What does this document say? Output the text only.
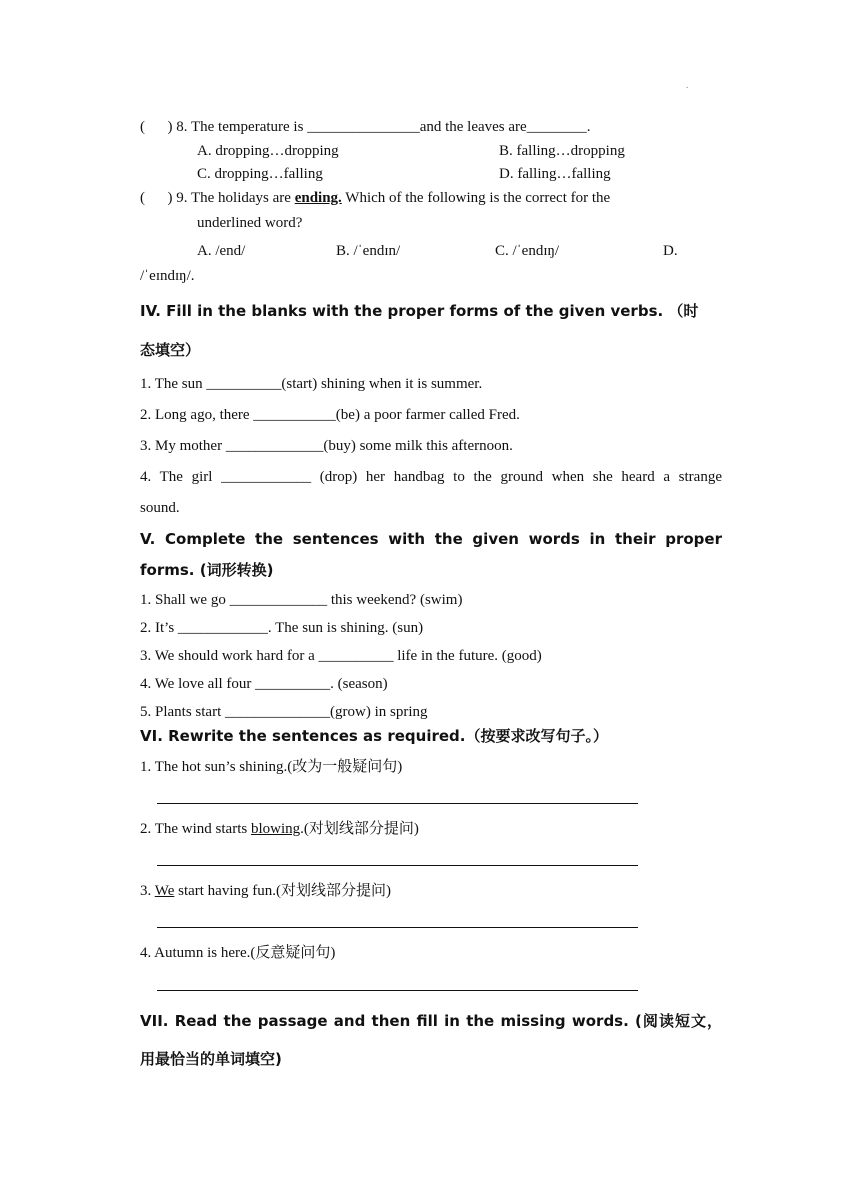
.
(      ) 8. The temperature is _______________and the leaves are________.
A. dropping…dropping	B. falling…dropping
C. dropping…falling	D. falling…falling
(      ) 9. The holidays are ending. Which of the following is the correct for the
underlined word?
A. /end/	B. /ˈendɪn/	C. /ˈendɪŋ/	D.
/ˈeɪndɪŋ/.
IV. Fill in the blanks with the proper forms of the given verbs. （时
态填空）
1. The sun __________(start) shining when it is summer.
2. Long ago, there ___________(be) a poor farmer called Fred.
3. My mother _____________(buy) some milk this afternoon.
4. The girl ____________ (drop) her handbag to the ground when she heard a strange
sound.
V. Complete the sentences with the given words in their proper
forms. (词形转换)
1. Shall we go _____________ this weekend? (swim)
2. It’s ____________. The sun is shining. (sun)
3. We should work hard for a __________ life in the future. (good)
4. We love all four __________. (season)
5. Plants start ______________(grow) in spring
VI. Rewrite the sentences as required.（按要求改写句子。）
1. The hot sun’s shining.(改为一般疑问句)
2. The wind starts blowing.(对划线部分提问)
3. We start having fun.(对划线部分提问)
4. Autumn is here.(反意疑问句)
VII. Read the passage and then fill in the missing words. (阅读短文，
用最恰当的单词填空)
